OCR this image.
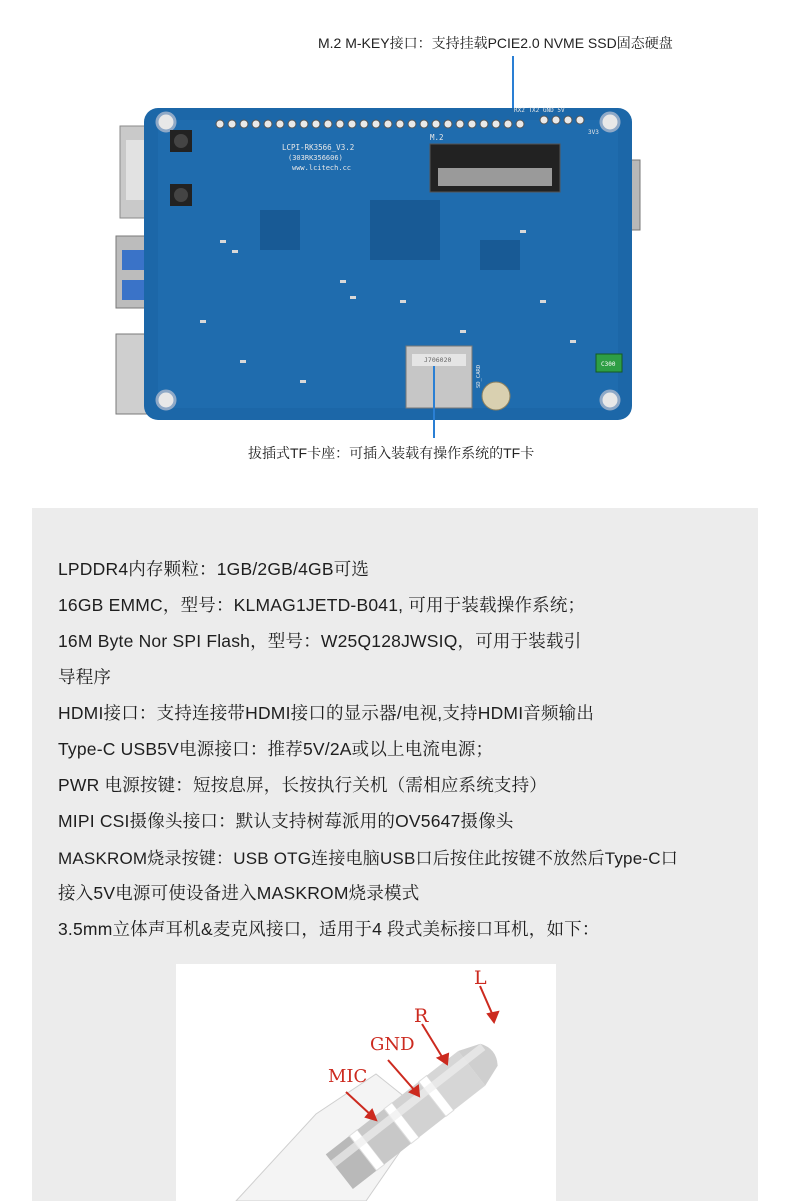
M.2 M-KEY接口：支持挂载PCIE2.0 NVME SSD固态硬盘
LCPI-RK3566_V3.2
(303RK356606)
www.lcitech.cc
M.2
RX2 TX2 GND 5V
3V3
J706020
SD_CARD
C300
拔插式TF卡座：可插入装载有操作系统的TF卡
LPDDR4内存颗粒：1GB/2GB/4GB可选
16GB EMMC，型号：KLMAG1JETD-B041, 可用于装载操作系统；
16M Byte Nor SPI Flash，型号：W25Q128JWSIQ，可用于装载引
导程序
HDMI接口：支持连接带HDMI接口的显示器/电视,支持HDMI音频输出
Type-C USB5V电源接口：推荐5V/2A或以上电流电源；
PWR 电源按键：短按息屏，长按执行关机（需相应系统支持）
MIPI CSI摄像头接口：默认支持树莓派用的OV5647摄像头
MASKROM烧录按键：USB OTG连接电脑USB口后按住此按键不放然后Type-C口
接入5V电源可使设备进入MASKROM烧录模式
3.5mm立体声耳机&麦克风接口，适用于4 段式美标接口耳机，如下：
L
R
GND
MIC
